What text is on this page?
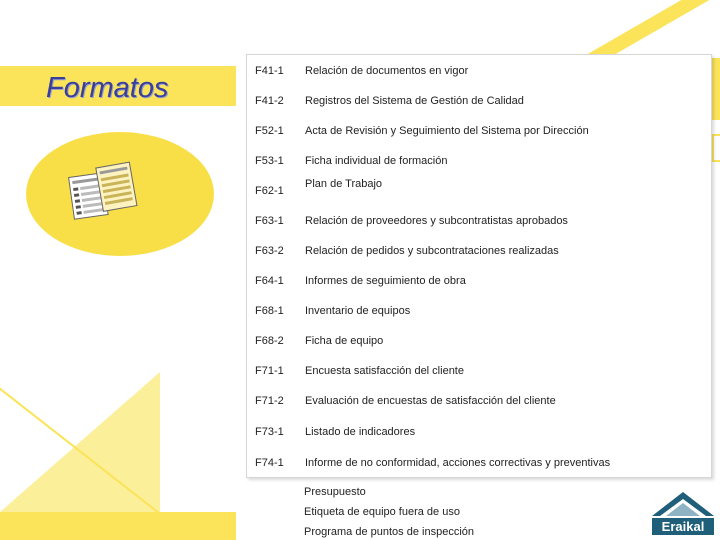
Formatos
F41-1 Relación de documentos en vigor
F41-2 Registros del Sistema de Gestión de Calidad
F52-1 Acta de Revisión y Seguimiento del Sistema por Dirección
F53-1 Ficha individual de formación
F62-1
Plan de Trabajo
F63-1 Relación de proveedores y subcontratistas aprobados
F63-2 Relación de pedidos y subcontrataciones realizadas
F64-1 Informes de seguimiento de obra
F68-1 Inventario de equipos
F68-2 Ficha de equipo
F71-1 Encuesta satisfacción del cliente
F71-2 Evaluación de encuestas de satisfacción del cliente
F73-1 Listado de indicadores
F74-1 Informe de no conformidad, acciones correctivas y preventivas
Presupuesto
Etiqueta de equipo fuera de uso
Programa de puntos de inspección	Eraikal
